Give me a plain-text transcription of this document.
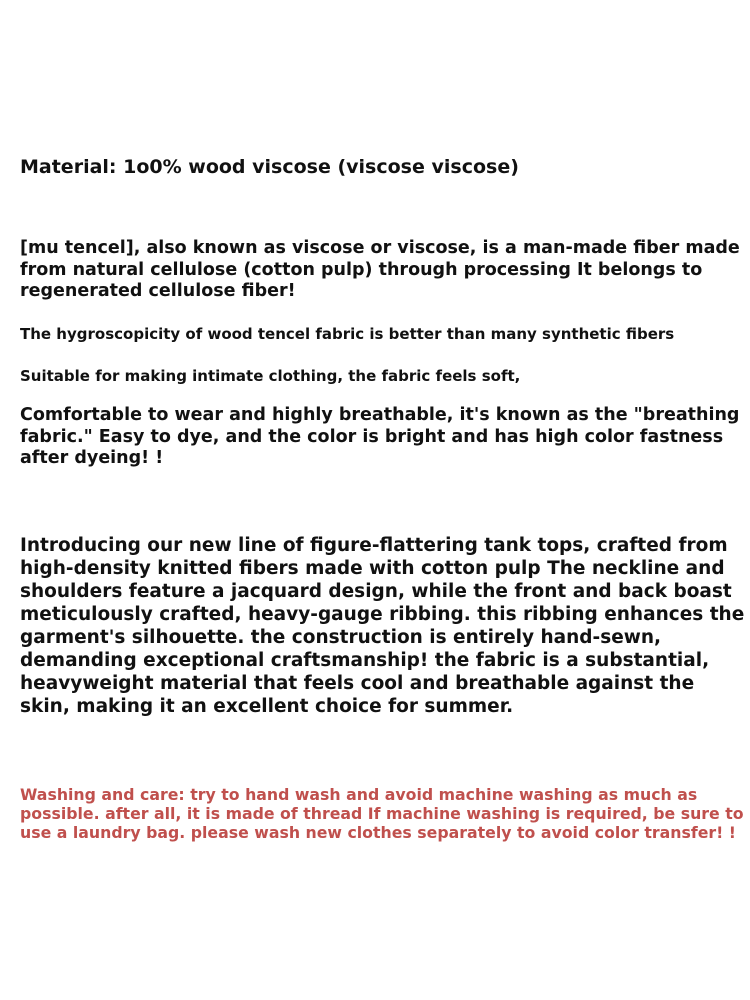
Material: 1o0% wood viscose (viscose viscose)

[mu tencel], also known as viscose or viscose, is a man-made fiber made
from natural cellulose (cotton pulp) through processing It belongs to
regenerated cellulose fiber!

The hygroscopicity of wood tencel fabric is better than many synthetic fibers

Suitable for making intimate clothing, the fabric feels soft,

Comfortable to wear and highly breathable, it's known as the "breathing
fabric." Easy to dye, and the color is bright and has high color fastness
after dyeing! !

Introducing our new line of figure-flattering tank tops, crafted from
high-density knitted fibers made with cotton pulp The neckline and
shoulders feature a jacquard design, while the front and back boast
meticulously crafted, heavy-gauge ribbing. this ribbing enhances the
garment's silhouette. the construction is entirely hand-sewn,
demanding exceptional craftsmanship! the fabric is a substantial,
heavyweight material that feels cool and breathable against the
skin, making it an excellent choice for summer.

Washing and care: try to hand wash and avoid machine washing as much as
possible. after all, it is made of thread If machine washing is required, be sure to
use a laundry bag. please wash new clothes separately to avoid color transfer! !
